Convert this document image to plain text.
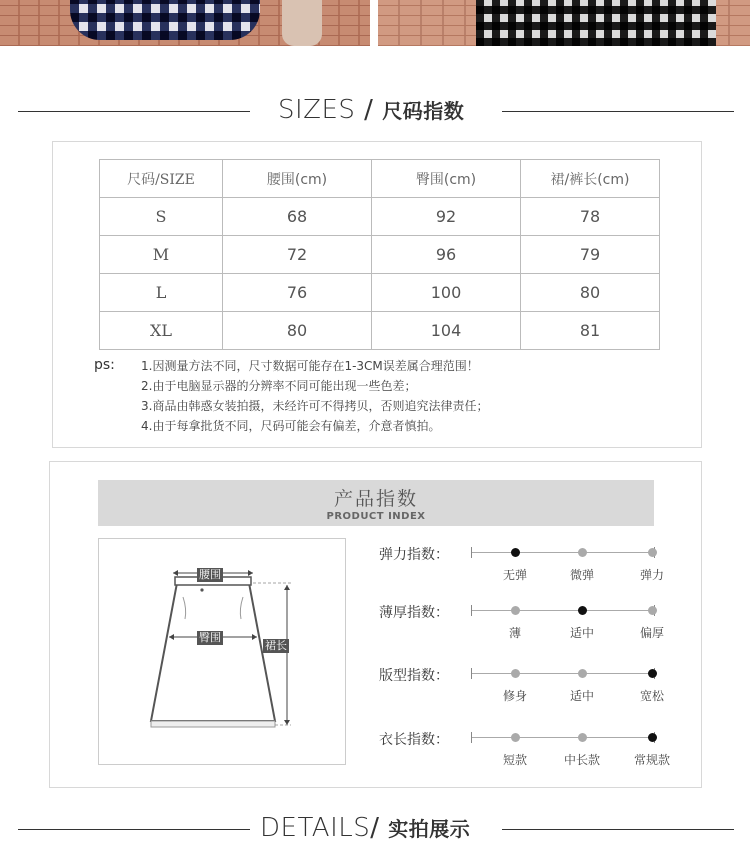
SIZES / 尺码指数
尺码/SIZE	腰围(cm)	臀围(cm)	裙/裤长(cm)
S	68	92	78
M	72	96	79
L	76	100	80
XL	80	104	81
ps: 1.因测量方法不同，尺寸数据可能存在1-3CM误差属合理范围！
2.由于电脑显示器的分辨率不同可能出现一些色差；
3.商品由韩惑女装拍摄，未经许可不得拷贝，否则追究法律责任；
4.由于每拿批货不同，尺码可能会有偏差，介意者慎拍。
产品指数
PRODUCT INDEX
腰围
臀围
裙长
弹力指数：
无弹	微弹	弹力
薄厚指数：
薄	适中	偏厚
版型指数：
修身	适中	宽松
衣长指数：
短款	中长款	常规款
DETAILS/ 实拍展示
